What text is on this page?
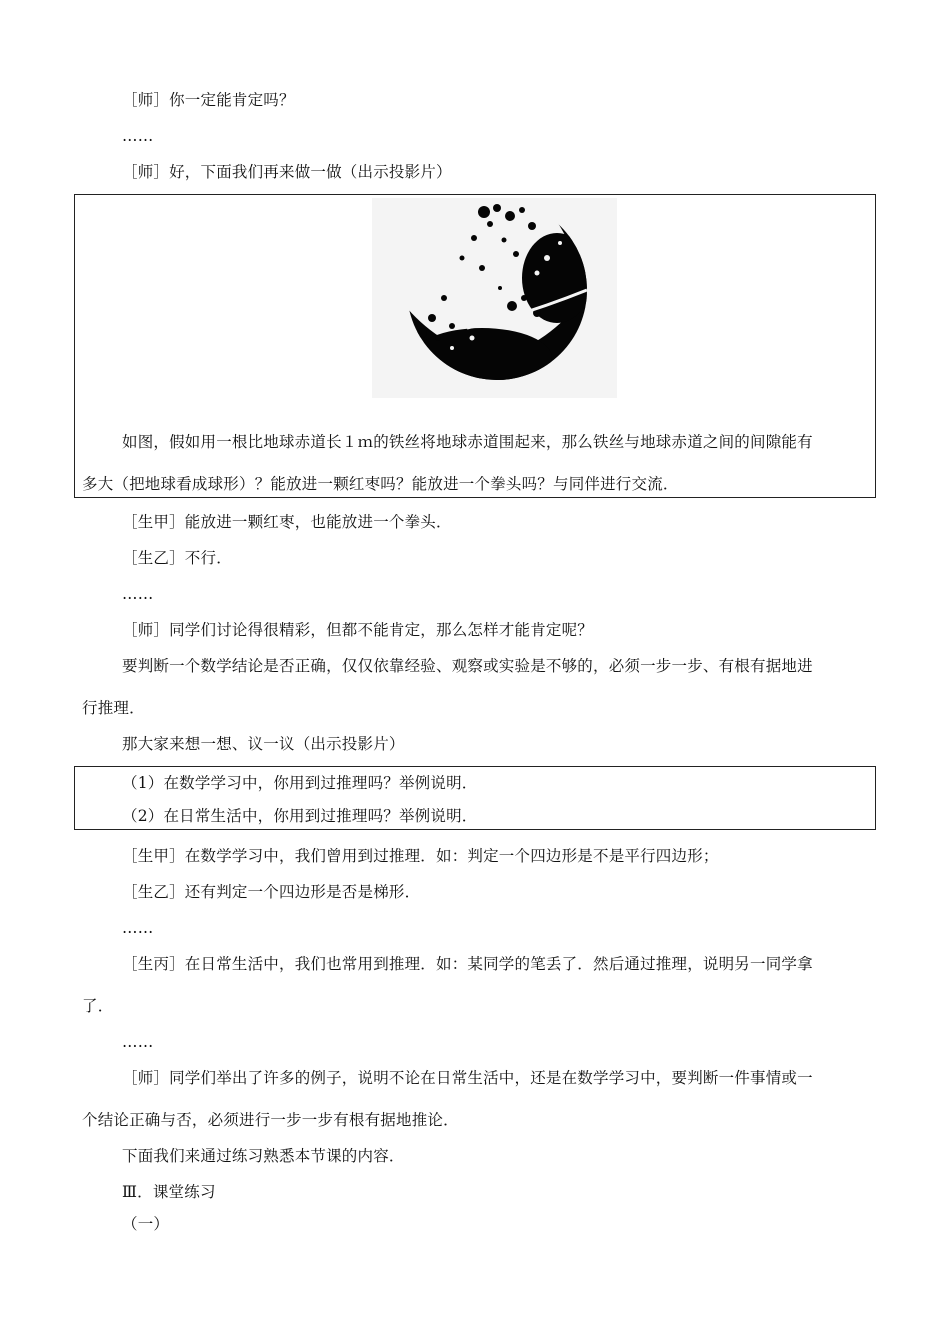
［师］你一定能肯定吗？
……
［师］好，下面我们再来做一做（出示投影片）
如图，假如用一根比地球赤道长１ｍ的铁丝将地球赤道围起来，那么铁丝与地球赤道之间的间隙能有
多大（把地球看成球形）？能放进一颗红枣吗？能放进一个拳头吗？与同伴进行交流．
［生甲］能放进一颗红枣，也能放进一个拳头．
［生乙］不行．
……
［师］同学们讨论得很精彩，但都不能肯定，那么怎样才能肯定呢？
要判断一个数学结论是否正确，仅仅依靠经验、观察或实验是不够的，必须一步一步、有根有据地进
行推理．
那大家来想一想、议一议（出示投影片）
（1）在数学学习中，你用到过推理吗？举例说明．
（2）在日常生活中，你用到过推理吗？举例说明．
［生甲］在数学学习中，我们曾用到过推理．如：判定一个四边形是不是平行四边形；
［生乙］还有判定一个四边形是否是梯形．
……
［生丙］在日常生活中，我们也常用到推理．如：某同学的笔丢了．然后通过推理，说明另一同学拿
了．
……
［师］同学们举出了许多的例子，说明不论在日常生活中，还是在数学学习中，要判断一件事情或一
个结论正确与否，必须进行一步一步有根有据地推论．
下面我们来通过练习熟悉本节课的内容．
Ⅲ．课堂练习
（一）
